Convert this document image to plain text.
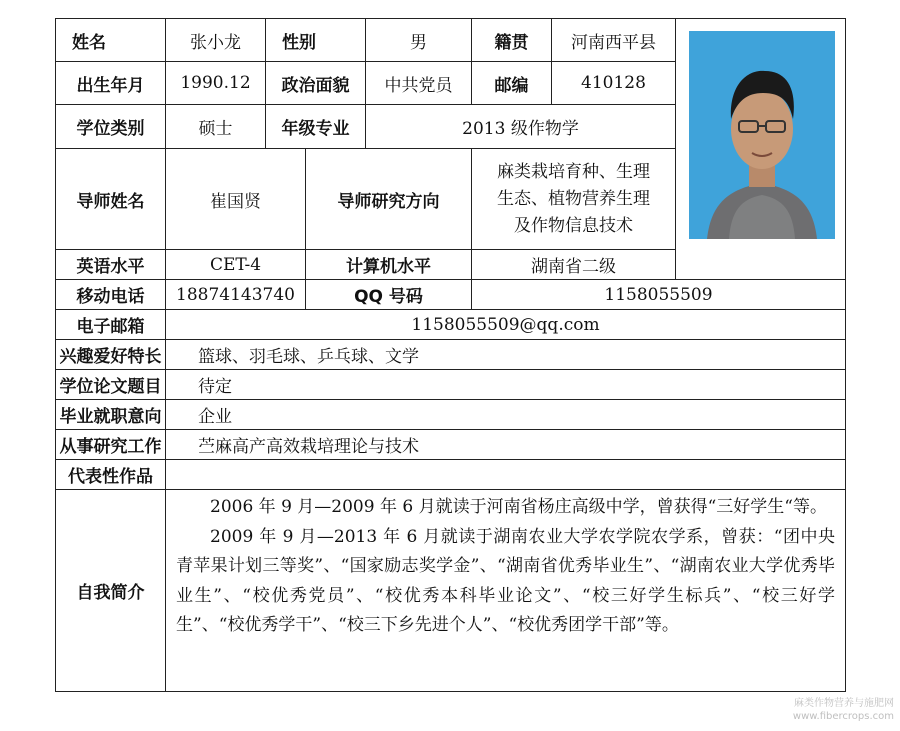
姓名	张小龙	性别		男	籍贯	河南西平县	

出生年月	1990.12	政治面貌		中共党员	邮编	410128	
学位类别	硕士	年级专业		2013 级作物学			
导师姓名	崔国贤		导师研究方向		麻类栽培育种、生理
生态、植物营养生理
及作物信息技术		

英语水平	CET-4		计算机水平		湖南省二级		
移动电话	18874143740		QQ 号码		1158055509		
电子邮箱	1158055509@qq.com						
兴趣爱好特长	篮球、羽毛球、乒乓球、文学						
学位论文题目	待定						
毕业就职意向	企业						
从事研究工作	苎麻高产高效栽培理论与技术						
代表性作品							
自我简介	2006 年 9 月—2009 年 6 月就读于河南省杨庄高级中学，曾获得“三好学生“等。

2009 年 9 月—2013 年 6 月就读于湖南农业大学农学院农学系，曾获：“团中央青苹果计划三等奖”、“国家励志奖学金”、“湖南省优秀毕业生”、“湖南农业大学优秀毕业生”、“校优秀党员”、“校优秀本科毕业论文”、“校三好学生标兵”、“校三好学生”、“校优秀学干”、“校三下乡先进个人”、“校优秀团学干部”等。						

麻类作物营养与施肥网
www.fibercrops.com
